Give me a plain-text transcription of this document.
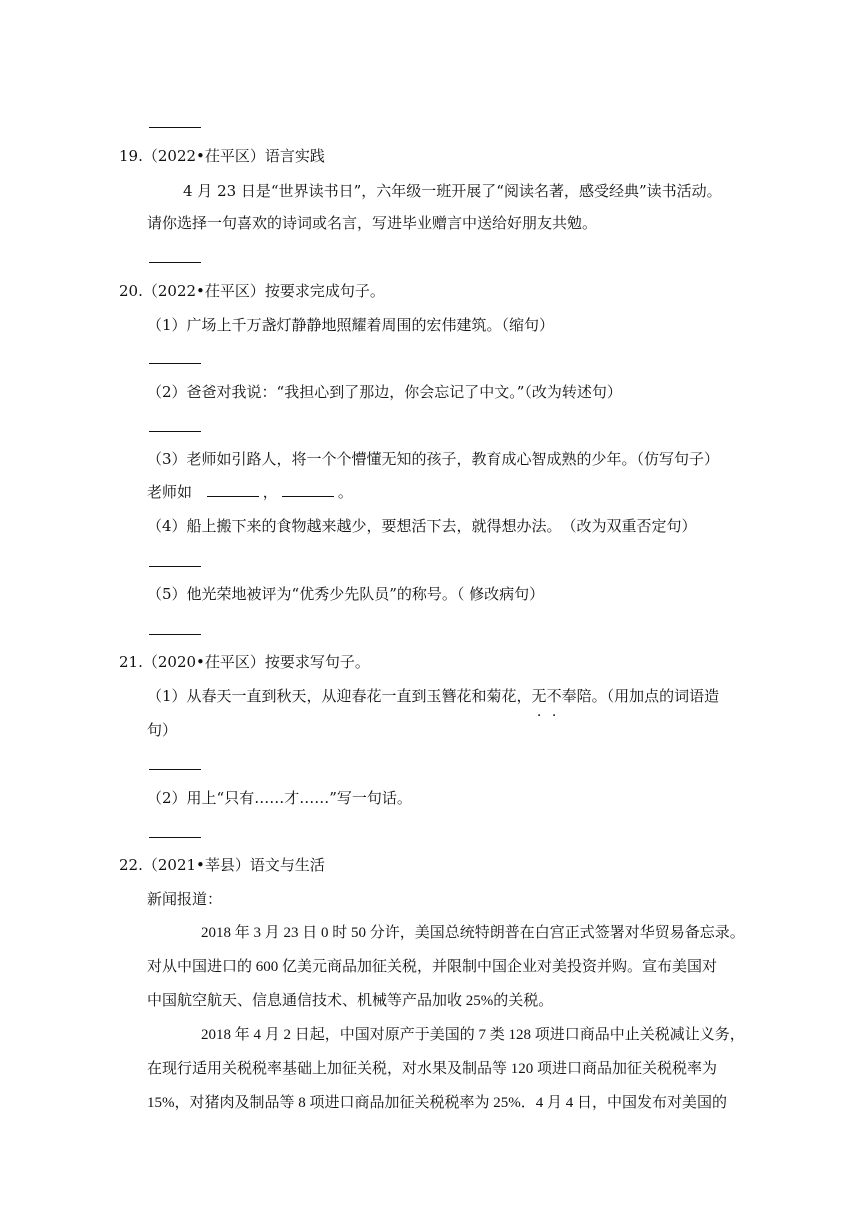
19.（2022•茌平区）语言实践
4 月 23 日是“世界读书日”，六年级一班开展了“阅读名著，感受经典”读书活动。
请你选择一句喜欢的诗词或名言，写进毕业赠言中送给好朋友共勉。
20.（2022•茌平区）按要求完成句子。
（1）广场上千万盏灯静静地照耀着周围的宏伟建筑。（缩句）
（2）爸爸对我说：“我担心到了那边，你会忘记了中文。”（改为转述句）
（3）老师如引路人，将一个个懵懂无知的孩子，教育成心智成熟的少年。（仿写句子）
老师如	，	。
（4）船上搬下来的食物越来越少，要想活下去，就得想办法。　（改为双重否定句）
（5）他光荣地被评为“优秀少先队员”的称号。（ 修改病句）
21.（2020•茌平区）按要求写句子。
（1）从春天一直到秋天，从迎春花一直到玉簪花和菊花，无不奉陪。（用加点的词语造
句）
（2）用上“只有……才……”写一句话。
22.（2021•莘县）语文与生活
新闻报道：
2018 年 3 月 23 日 0 时 50 分许，美国总统特朗普在白宫正式签署对华贸易备忘录。
对从中国进口的 600 亿美元商品加征关税，并限制中国企业对美投资并购。宣布美国对
中国航空航天、信息通信技术、机械等产品加收 25%的关税。
2018 年 4 月 2 日起，中国对原产于美国的 7 类 128 项进口商品中止关税减让义务，
在现行适用关税税率基础上加征关税，对水果及制品等 120 项进口商品加征关税税率为
15%，对猪肉及制品等 8 项进口商品加征关税税率为 25%．4 月 4 日，中国发布对美国的
